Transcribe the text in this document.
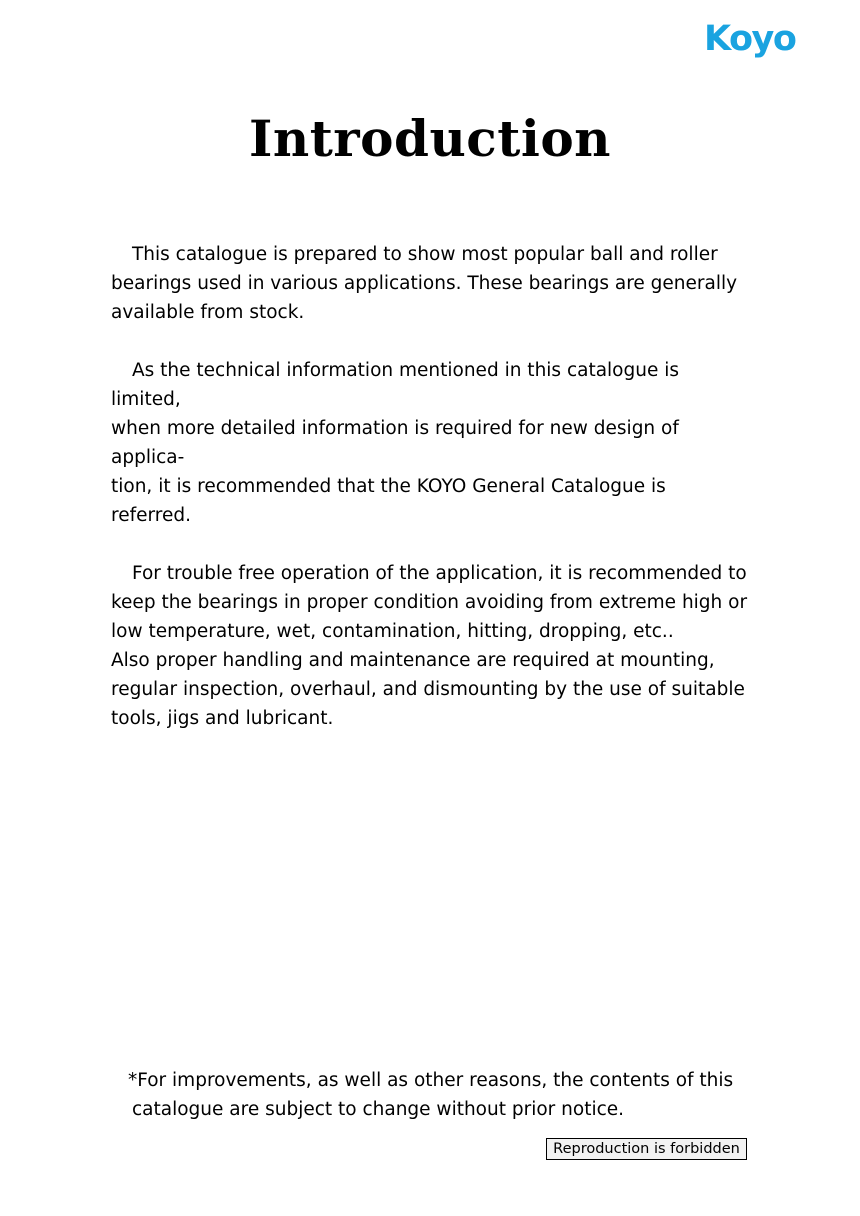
Koyo
Introduction

This catalogue is prepared to show most popular ball and roller
bearings used in various applications. These bearings are generally
available from stock.

As the technical information mentioned in this catalogue is limited,
when more detailed information is required for new design of applica-
tion, it is recommended that the KOYO General Catalogue is referred.

For trouble free operation of the application, it is recommended to
keep the bearings in proper condition avoiding from extreme high or
low temperature, wet, contamination, hitting, dropping, etc..

Also proper handling and maintenance are required at mounting,
regular inspection, overhaul, and dismounting by the use of suitable
tools, jigs and lubricant.

*For improvements, as well as other reasons, the contents of this
catalogue are subject to change without prior notice.
Reproduction is forbidden
